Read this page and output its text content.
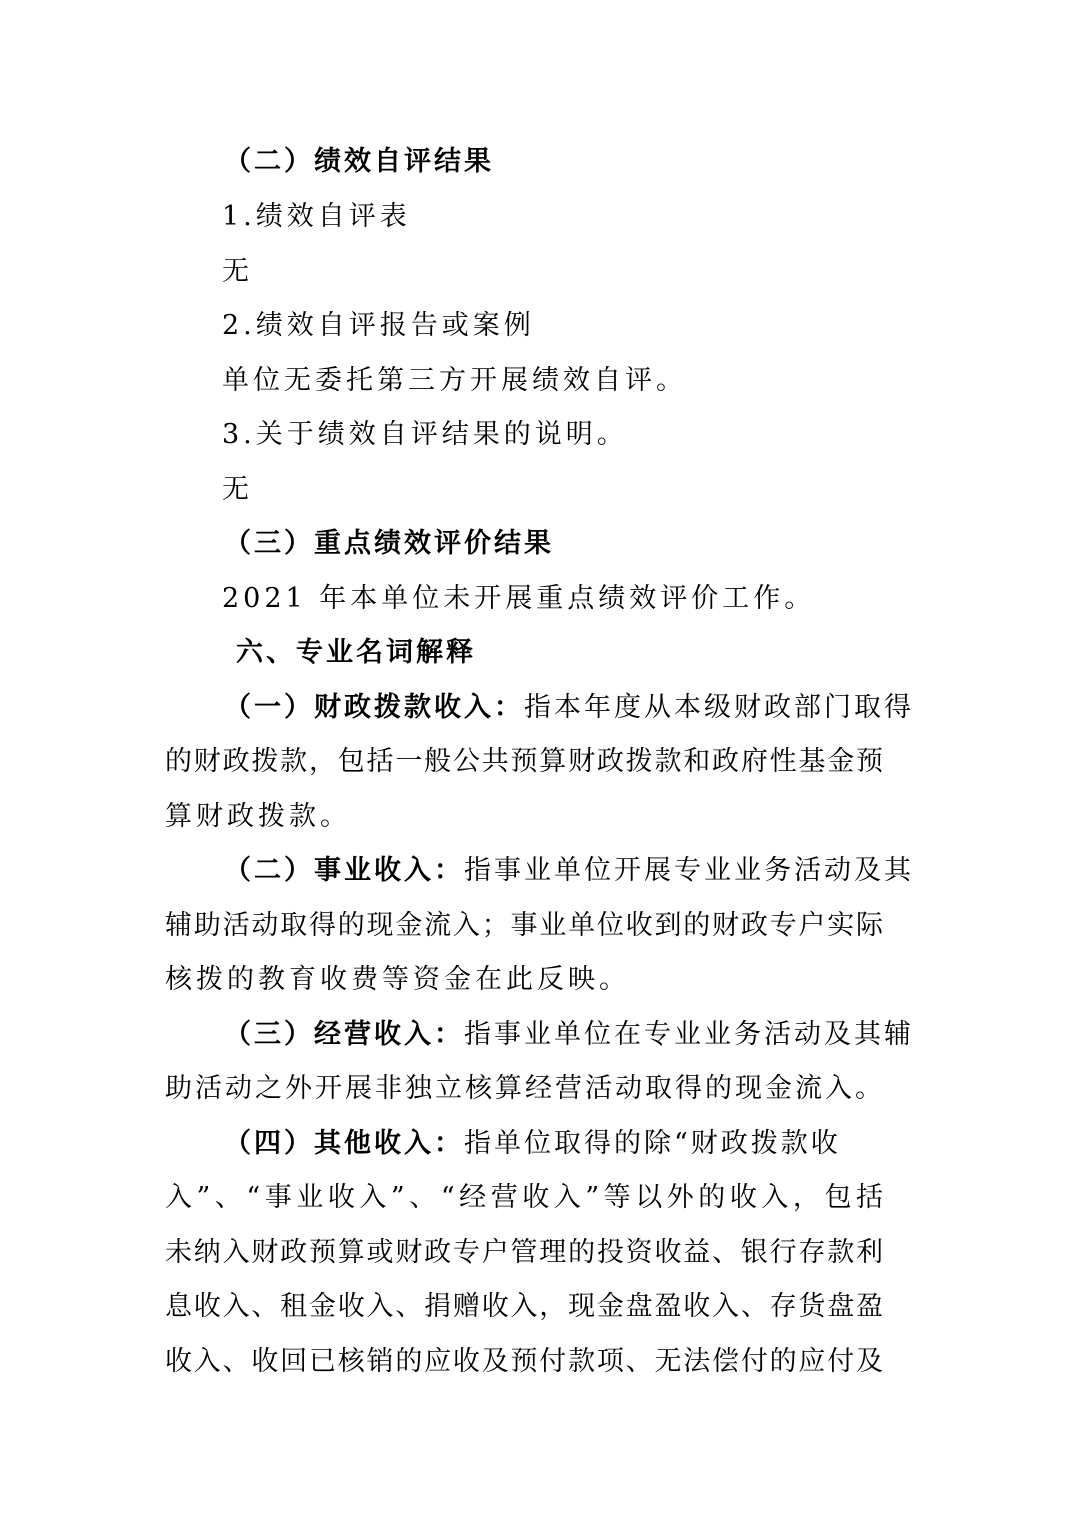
（二）绩效自评结果
1.绩效自评表
无
2.绩效自评报告或案例
单位无委托第三方开展绩效自评。
3.关于绩效自评结果的说明。
无
（三）重点绩效评价结果
2021 年本单位未开展重点绩效评价工作。
六、专业名词解释
（一）财政拨款收入：指本年度从本级财政部门取得
的财政拨款，包括一般公共预算财政拨款和政府性基金预
算财政拨款。
（二）事业收入：指事业单位开展专业业务活动及其
辅助活动取得的现金流入；事业单位收到的财政专户实际
核拨的教育收费等资金在此反映。
（三）经营收入：指事业单位在专业业务活动及其辅
助活动之外开展非独立核算经营活动取得的现金流入。
（四）其他收入：指单位取得的除“财政拨款收
入”、“事业收入”、“经营收入”等以外的收入，包括
未纳入财政预算或财政专户管理的投资收益、银行存款利
息收入、租金收入、捐赠收入，现金盘盈收入、存货盘盈
收入、收回已核销的应收及预付款项、无法偿付的应付及
